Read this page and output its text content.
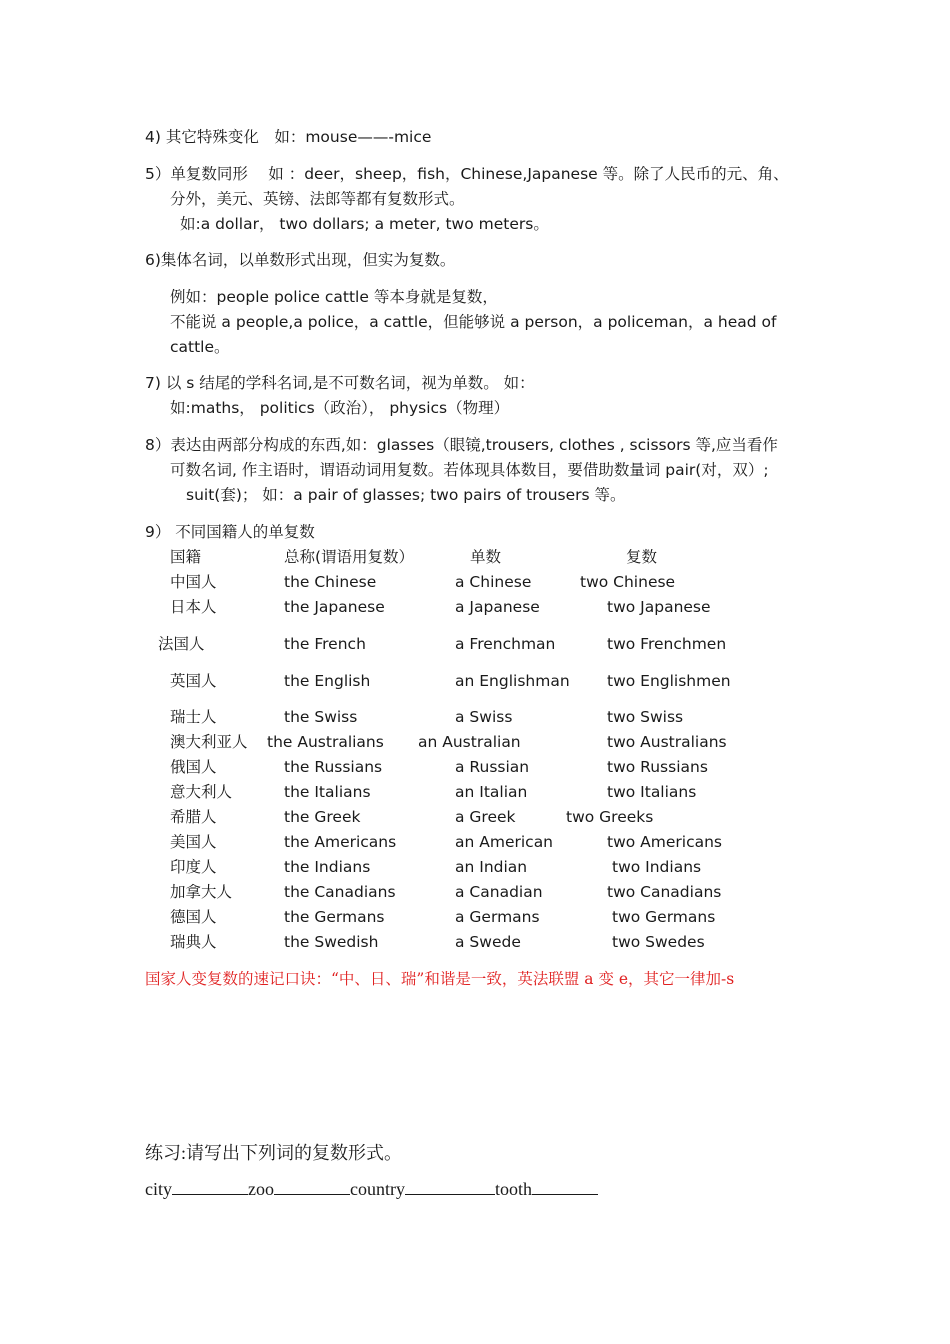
4) 其它特殊变化　如：mouse——-mice
5）单复数同形　 如 ：deer，sheep，fish，Chinese,Japanese 等。除了人民币的元、角、
分外，美元、英镑、法郎等都有复数形式。
如:a dollar， two dollars; a meter, two meters。
6)集体名词，以单数形式出现，但实为复数。
例如：people police cattle 等本身就是复数，
不能说 a people,a police，a cattle，但能够说 a person，a policeman，a head of
cattle。
7) 以 s 结尾的学科名词,是不可数名词，视为单数。 如：
如:maths， politics（政治）， physics（物理）
8）表达由两部分构成的东西,如：glasses（眼镜,trousers, clothes , scissors 等,应当看作
可数名词, 作主语时，谓语动词用复数。若体现具体数目，要借助数量词 pair(对，双）;
suit(套)； 如：a pair of glasses; two pairs of trousers 等。
9） 不同国籍人的单复数
国籍	总称(谓语用复数）	单数	复数
中国人	the Chinese	a Chinese	two Chinese
日本人	the Japanese	a Japanese	two Japanese
法国人	the French	a Frenchman	two Frenchmen
英国人	the English	an Englishman two Englishmen
瑞士人	the Swiss	a Swiss	two Swiss
澳大利亚人 the Australians an Australian	two Australians
俄国人	the Russians	a Russian	two Russians
意大利人	the Italians	an Italian	two Italians
希腊人	the Greek	a Greek	two Greeks
美国人	the Americans	an American	two Americans
印度人	the Indians	an Indian	two Indians
加拿大人	the Canadians	a Canadian	two Canadians
德国人	the Germans	a Germans	two Germans
瑞典人	the Swedish	a Swede	two Swedes
国家人变复数的速记口诀：“中、日、瑞”和谐是一致，英法联盟 a 变 e，其它一律加-s
练习:请写出下列词的复数形式。
city	zoo	country	tooth
